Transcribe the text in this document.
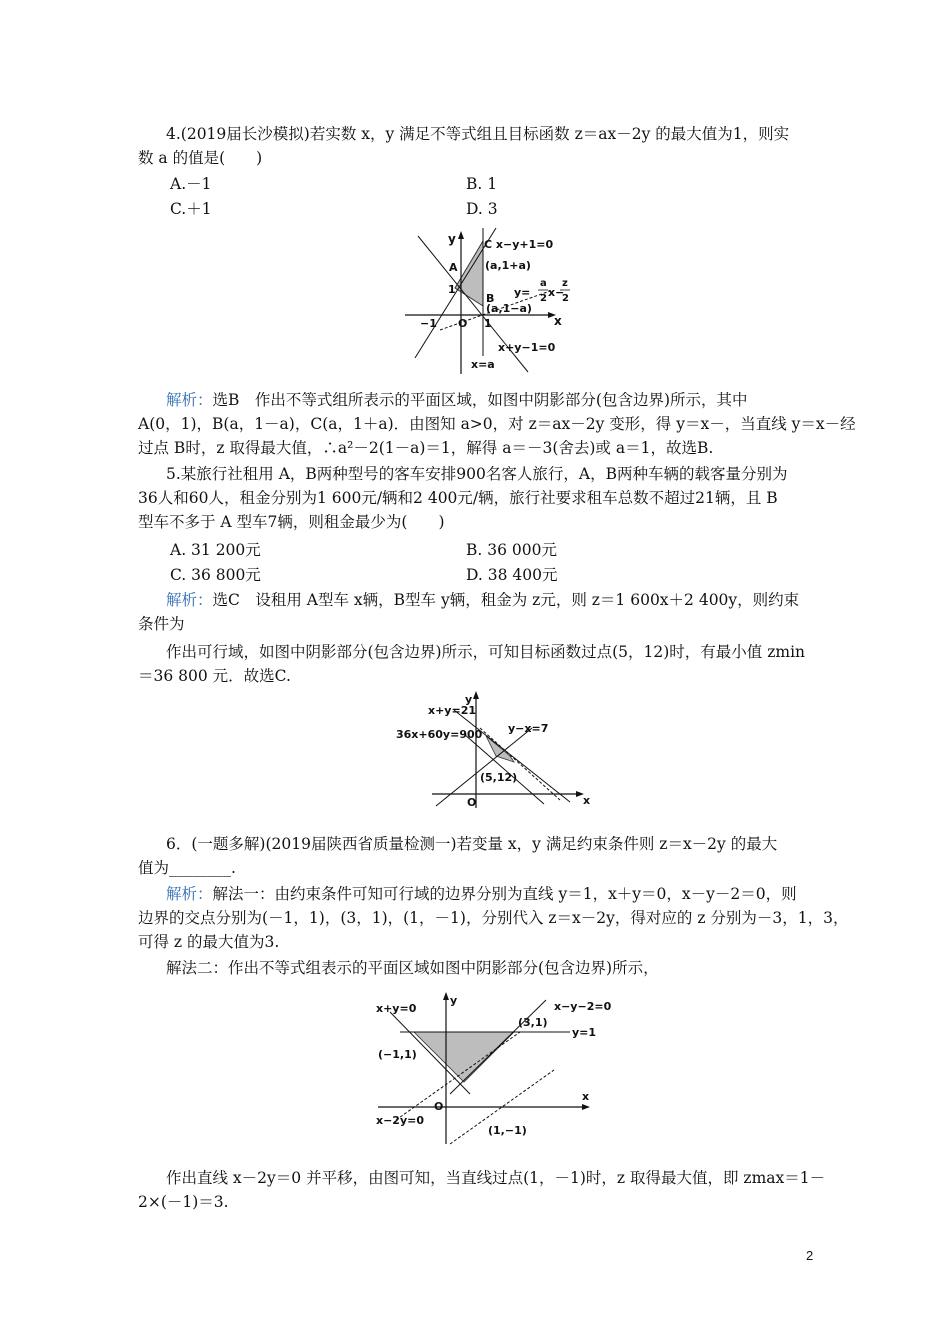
4.(2019届长沙模拟)若实数 x，y 满足不等式组且目标函数 z＝ax－2y 的最大值为1，则实
数 a 的值是(　　)
A.－1	B. 1
C.＋1	D. 3
y
x
O
C x−y+1=0
A (a,1+a)
1
B y=
a
2 x−
z
2
(a,1−a)
−1	1
x+y−1=0
x=a
解析：选B　作出不等式组所表示的平面区域，如图中阴影部分(包含边界)所示，其中
A(0，1)，B(a，1－a)，C(a，1＋a)．由图知 a>0，对 z＝ax－2y 变形，得 y＝x－，当直线 y＝x－经
过点 B时，z 取得最大值，∴a²－2(1－a)＝1，解得 a＝－3(舍去)或 a＝1，故选B.
5.某旅行社租用 A，B两种型号的客车安排900名客人旅行，A，B两种车辆的载客量分别为
36人和60人，租金分别为1 600元/辆和2 400元/辆，旅行社要求租车总数不超过21辆，且 B
型车不多于 A 型车7辆，则租金最少为(　　)
A. 31 200元	B. 36 000元
C. 36 800元	D. 38 400元
解析：选C　设租用 A型车 x辆，B型车 y辆，租金为 z元，则 z＝1 600x＋2 400y，则约束
条件为
作出可行域，如图中阴影部分(包含边界)所示，可知目标函数过点(5，12)时，有最小值 zmin
＝36 800 元．故选C.
y
x
O
x+y=21
36x+60y=900 y−x=7
(5,12)
6．(一题多解)(2019届陕西省质量检测一)若变量 x，y 满足约束条件则 z＝x－2y 的最大
值为________.
解析：解法一：由约束条件可知可行域的边界分别为直线 y＝1，x＋y＝0，x－y－2＝0，则
边界的交点分别为(－1，1)，(3，1)，(1，－1)，分别代入 z＝x－2y，得对应的 z 分别为－3，1，3，
可得 z 的最大值为3.
解法二：作出不等式组表示的平面区域如图中阴影部分(包含边界)所示，
y
x
O
x+y=0	x−y−2=0
(3,1)
y=1
(−1,1)
x−2y=0
(1,−1)
作出直线 x－2y＝0 并平移，由图可知，当直线过点(1，－1)时，z 取得最大值，即 zmax＝1－
2×(－1)＝3.
2
